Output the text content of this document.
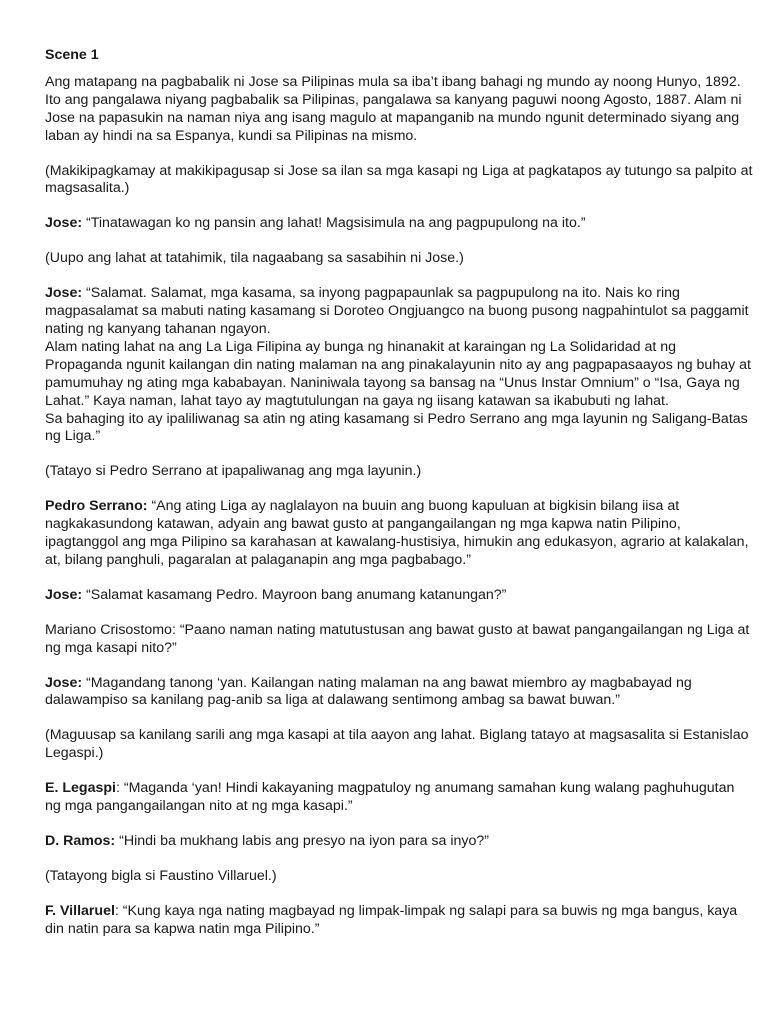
Scene 1
Ang matapang na pagbabalik ni Jose sa Pilipinas mula sa iba’t ibang bahagi ng mundo ay noong Hunyo, 1892. Ito ang pangalawa niyang pagbabalik sa Pilipinas, pangalawa sa kanyang paguwi noong Agosto, 1887. Alam ni Jose na papasukin na naman niya ang isang magulo at mapanganib na mundo ngunit determinado siyang ang laban ay hindi na sa Espanya, kundi sa Pilipinas na mismo.
(Makikipagkamay at makikipagusap si Jose sa ilan sa mga kasapi ng Liga at pagkatapos ay tutungo sa palpito at magsasalita.)
Jose: “Tinatawagan ko ng pansin ang lahat! Magsisimula na ang pagpupulong na ito.”
(Uupo ang lahat at tatahimik, tila nagaabang sa sasabihin ni Jose.)
Jose: “Salamat. Salamat, mga kasama, sa inyong pagpapaunlak sa pagpupulong na ito. Nais ko ring magpasalamat sa mabuti nating kasamang si Doroteo Ongjuangco na buong pusong nagpahintulot sa paggamit nating ng kanyang tahanan ngayon.
Alam nating lahat na ang La Liga Filipina ay bunga ng hinanakit at karaingan ng La Solidaridad at ng Propaganda ngunit kailangan din nating malaman na ang pinakalayunin nito ay ang pagpapasaayos ng buhay at pamumuhay ng ating mga kababayan. Naniniwala tayong sa bansag na “Unus Instar Omnium” o “Isa, Gaya ng Lahat.” Kaya naman, lahat tayo ay magtutulungan na gaya ng iisang katawan sa ikabubuti ng lahat.
Sa bahaging ito ay ipaliliwanag sa atin ng ating kasamang si Pedro Serrano ang mga layunin ng Saligang-Batas ng Liga.”
(Tatayo si Pedro Serrano at ipapaliwanag ang mga layunin.)
Pedro Serrano: “Ang ating Liga ay naglalayon na buuin ang buong kapuluan at bigkisin bilang iisa at nagkakasundong katawan, adyain ang bawat gusto at pangangailangan ng mga kapwa natin Pilipino, ipagtanggol ang mga Pilipino sa karahasan at kawalang-hustisiya, himukin ang edukasyon, agrario at kalakalan, at, bilang panghuli, pagaralan at palaganapin ang mga pagbabago.”
Jose: “Salamat kasamang Pedro. Mayroon bang anumang katanungan?”
Mariano Crisostomo: “Paano naman nating matutustusan ang bawat gusto at bawat pangangailangan ng Liga at ng mga kasapi nito?”
Jose: “Magandang tanong ‘yan. Kailangan nating malaman na ang bawat miembro ay magbabayad ng dalawampiso sa kanilang pag-anib sa liga at dalawang sentimong ambag sa bawat buwan.”
(Maguusap sa kanilang sarili ang mga kasapi at tila aayon ang lahat. Biglang tatayo at magsasalita si Estanislao Legaspi.)
E. Legaspi: “Maganda ‘yan! Hindi kakayaning magpatuloy ng anumang samahan kung walang paghuhugutan ng mga pangangailangan nito at ng mga kasapi.”
D. Ramos: “Hindi ba mukhang labis ang presyo na iyon para sa inyo?”
(Tatayong bigla si Faustino Villaruel.)
F. Villaruel: “Kung kaya nga nating magbayad ng limpak-limpak ng salapi para sa buwis ng mga bangus, kaya din natin para sa kapwa natin mga Pilipino.”
